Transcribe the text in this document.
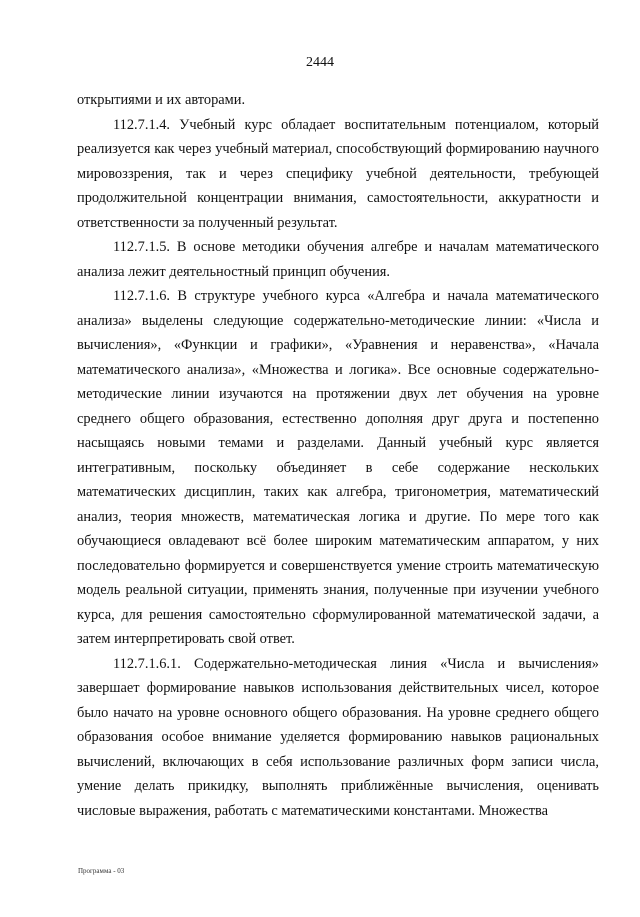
2444

открытиями и их авторами.

112.7.1.4. Учебный курс обладает воспитательным потенциалом, который реализуется как через учебный материал, способствующий формированию научного мировоззрения, так и через специфику учебной деятельности, требующей продолжительной концентрации внимания, самостоятельности, аккуратности и ответственности за полученный результат.

112.7.1.5. В основе методики обучения алгебре и началам математического анализа лежит деятельностный принцип обучения.

112.7.1.6. В структуре учебного курса «Алгебра и начала математического анализа» выделены следующие содержательно-методические линии: «Числа и вычисления», «Функции и графики», «Уравнения и неравенства», «Начала математического анализа», «Множества и логика». Все основные содержательно-методические линии изучаются на протяжении двух лет обучения на уровне среднего общего образования, естественно дополняя друг друга и постепенно насыщаясь новыми темами и разделами. Данный учебный курс является интегративным, поскольку объединяет в себе содержание нескольких математических дисциплин, таких как алгебра, тригонометрия, математический анализ, теория множеств, математическая логика и другие. По мере того как обучающиеся овладевают всё более широким математическим аппаратом, у них последовательно формируется и совершенствуется умение строить математическую модель реальной ситуации, применять знания, полученные при изучении учебного курса, для решения самостоятельно сформулированной математической задачи, а затем интерпретировать свой ответ.

112.7.1.6.1. Содержательно-методическая линия «Числа и вычисления» завершает формирование навыков использования действительных чисел, которое было начато на уровне основного общего образования. На уровне среднего общего образования особое внимание уделяется формированию навыков рациональных вычислений, включающих в себя использование различных форм записи числа, умение делать прикидку, выполнять приближённые вычисления, оценивать числовые выражения, работать с математическими константами. Множества

Программа - 03
